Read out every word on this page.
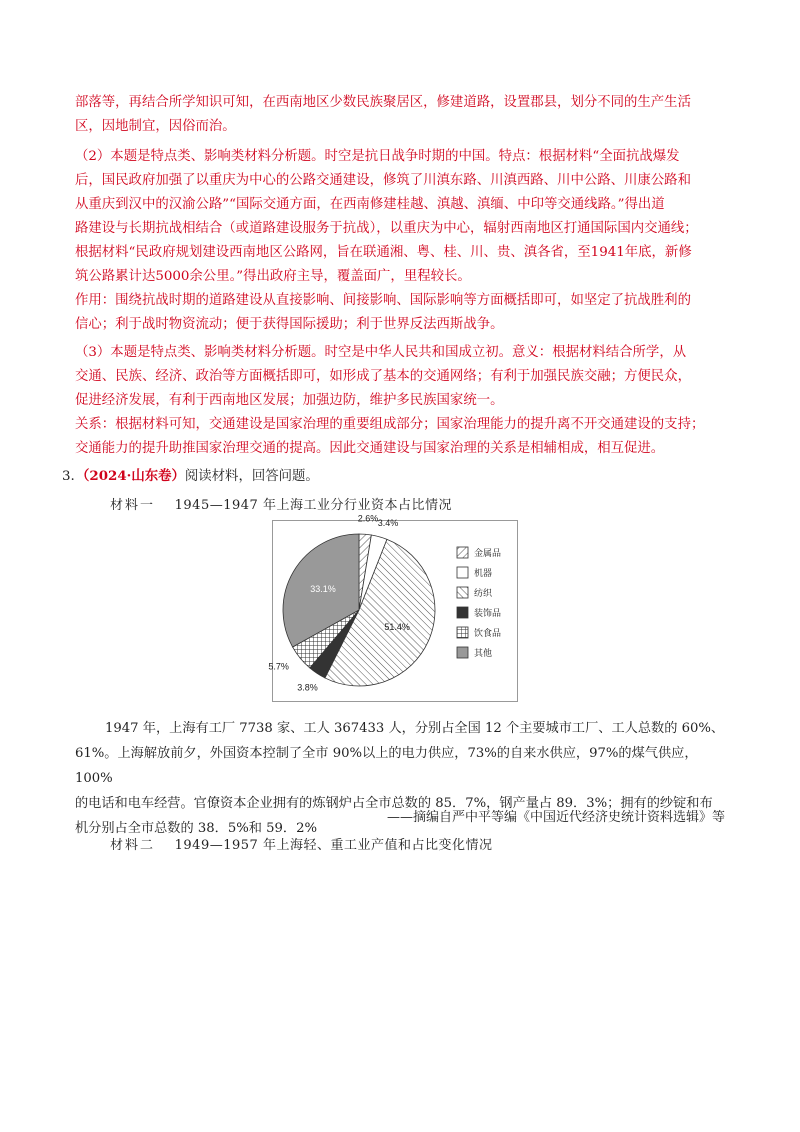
部落等，再结合所学知识可知，在西南地区少数民族聚居区，修建道路，设置郡县，划分不同的生产生活
区，因地制宜，因俗而治。
（2）本题是特点类、影响类材料分析题。时空是抗日战争时期的中国。特点：根据材料“全面抗战爆发
后，国民政府加强了以重庆为中心的公路交通建设，修筑了川滇东路、川滇西路、川中公路、川康公路和
从重庆到汉中的汉渝公路”“国际交通方面，在西南修建桂越、滇越、滇缅、中印等交通线路。”得出道
路建设与长期抗战相结合（或道路建设服务于抗战），以重庆为中心，辐射西南地区打通国际国内交通线；
根据材料“民政府规划建设西南地区公路网，旨在联通湘、粤、桂、川、贵、滇各省，至1941年底，新修
筑公路累计达5000余公里。”得出政府主导，覆盖面广，里程较长。
作用：围绕抗战时期的道路建设从直接影响、间接影响、国际影响等方面概括即可，如坚定了抗战胜利的
信心；利于战时物资流动；便于获得国际援助；利于世界反法西斯战争。
（3）本题是特点类、影响类材料分析题。时空是中华人民共和国成立初。意义：根据材料结合所学，从
交通、民族、经济、政治等方面概括即可，如形成了基本的交通网络；有利于加强民族交融；方便民众，
促进经济发展，有利于西南地区发展；加强边防，维护多民族国家统一。
关系：根据材料可知，交通建设是国家治理的重要组成部分；国家治理能力的提升离不开交通建设的支持；
交通能力的提升助推国家治理交通的提高。因此交通建设与国家治理的关系是相辅相成，相互促进。
3.（2024·山东卷）阅读材料，回答问题。
材料一 1945—1947 年上海工业分行业资本占比情况
2.6% 3.4%
51.4%
3.8%
5.7%
33.1%
金属品
机器
纺织
装饰品
饮食品
其他
1947 年，上海有工厂 7738 家、工人 367433 人，分别占全国 12 个主要城市工厂、工人总数的 60%、
61%。上海解放前夕，外国资本控制了全市 90%以上的电力供应，73%的自来水供应，97%的煤气供应，100%
的电话和电车经营。官僚资本企业拥有的炼钢炉占全市总数的 85．7%，钢产量占 89．3%；拥有的纱锭和布
机分别占全市总数的 38．5%和 59．2%
——摘编自严中平等编《中国近代经济史统计资料选辑》等
材料二 1949—1957 年上海轻、重工业产值和占比变化情况
